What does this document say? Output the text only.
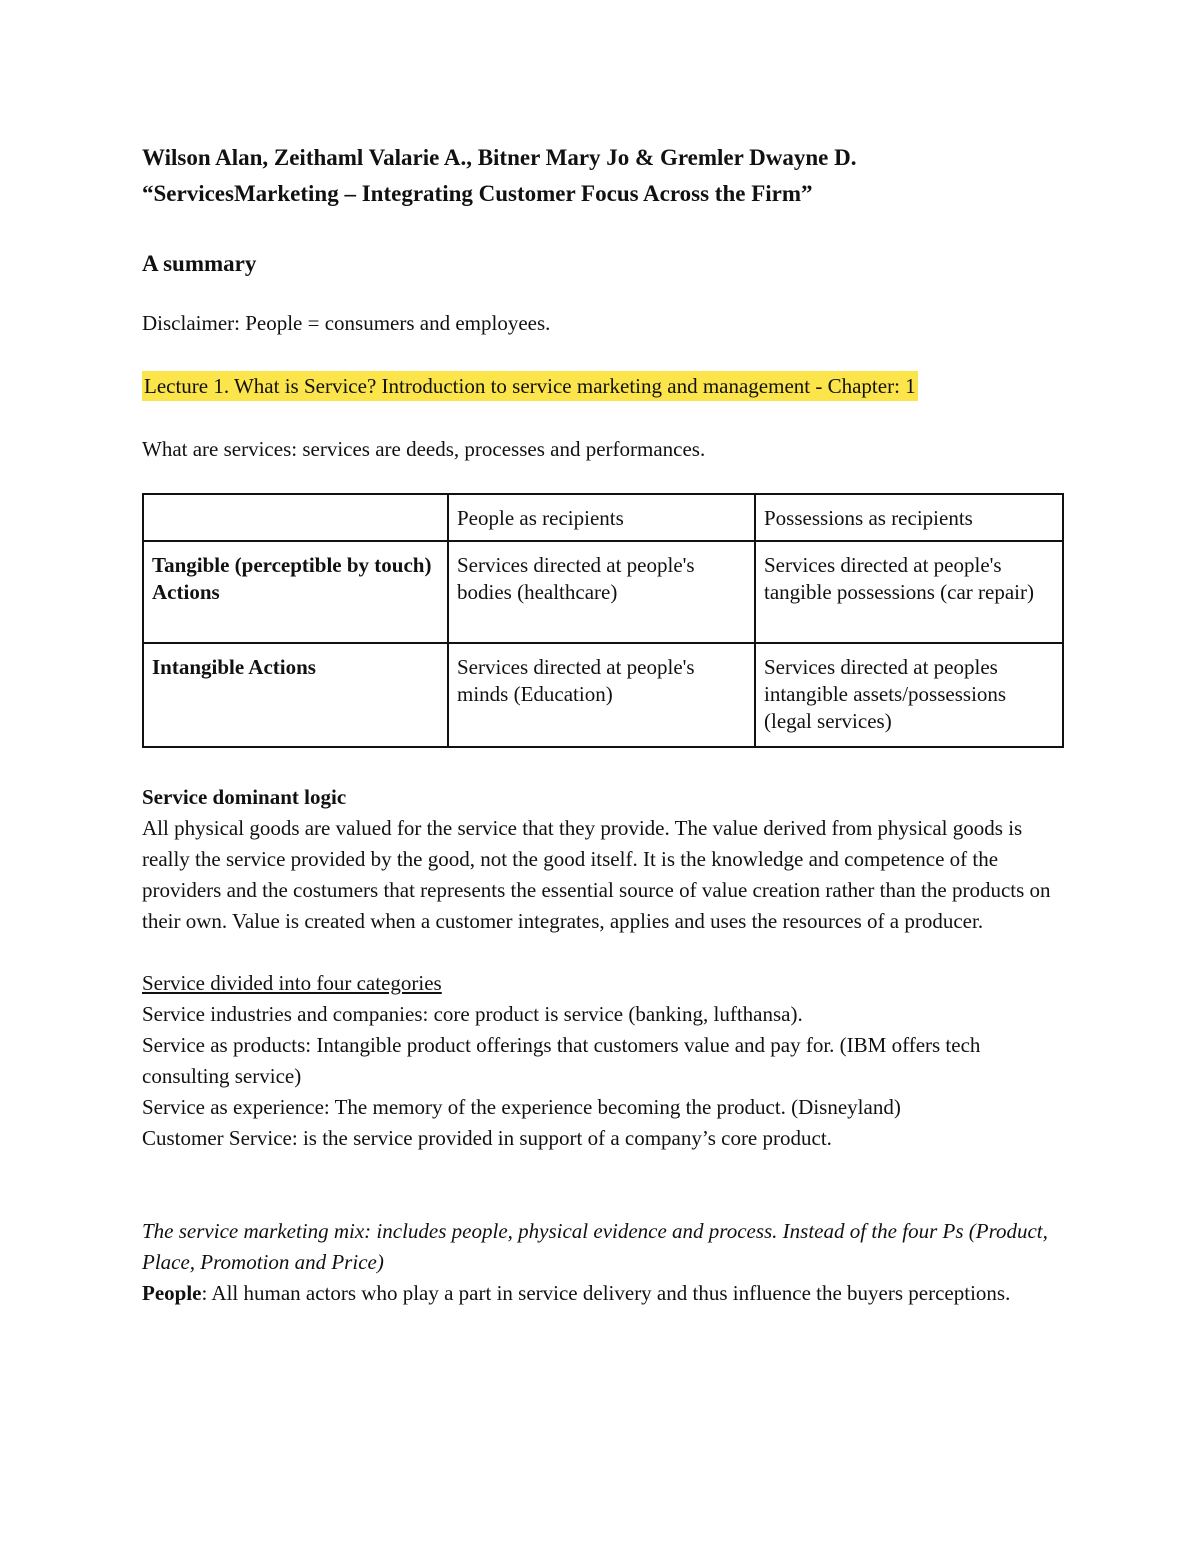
Wilson Alan, Zeithaml Valarie A., Bitner Mary Jo & Gremler Dwayne D.

“ServicesMarketing – Integrating Customer Focus Across the Firm”

A summary

Disclaimer: People = consumers and employees.

Lecture 1. What is Service? Introduction to service marketing and management - Chapter: 1

What are services: services are deeds, processes and performances.

	People as recipients	Possessions as recipients
Tangible (perceptible by touch) Actions	Services directed at people's bodies (healthcare)	Services directed at people's tangible possessions (car repair)
Intangible Actions	Services directed at people's minds (Education)	Services directed at peoples intangible assets/possessions (legal services)

Service dominant logic

All physical goods are valued for the service that they provide. The value derived from physical goods is really the service provided by the good, not the good itself. It is the knowledge and competence of the providers and the costumers that represents the essential source of value creation rather than the products on their own. Value is created when a customer integrates, applies and uses the resources of a producer.

Service divided into four categories

Service industries and companies: core product is service (banking, lufthansa).

Service as products: Intangible product offerings that customers value and pay for. (IBM offers tech consulting service)

Service as experience: The memory of the experience becoming the product. (Disneyland)

Customer Service: is the service provided in support of a company’s core product.

The service marketing mix: includes people, physical evidence and process. Instead of the four Ps (Product, Place, Promotion and Price)

People: All human actors who play a part in service delivery and thus influence the buyers perceptions.
